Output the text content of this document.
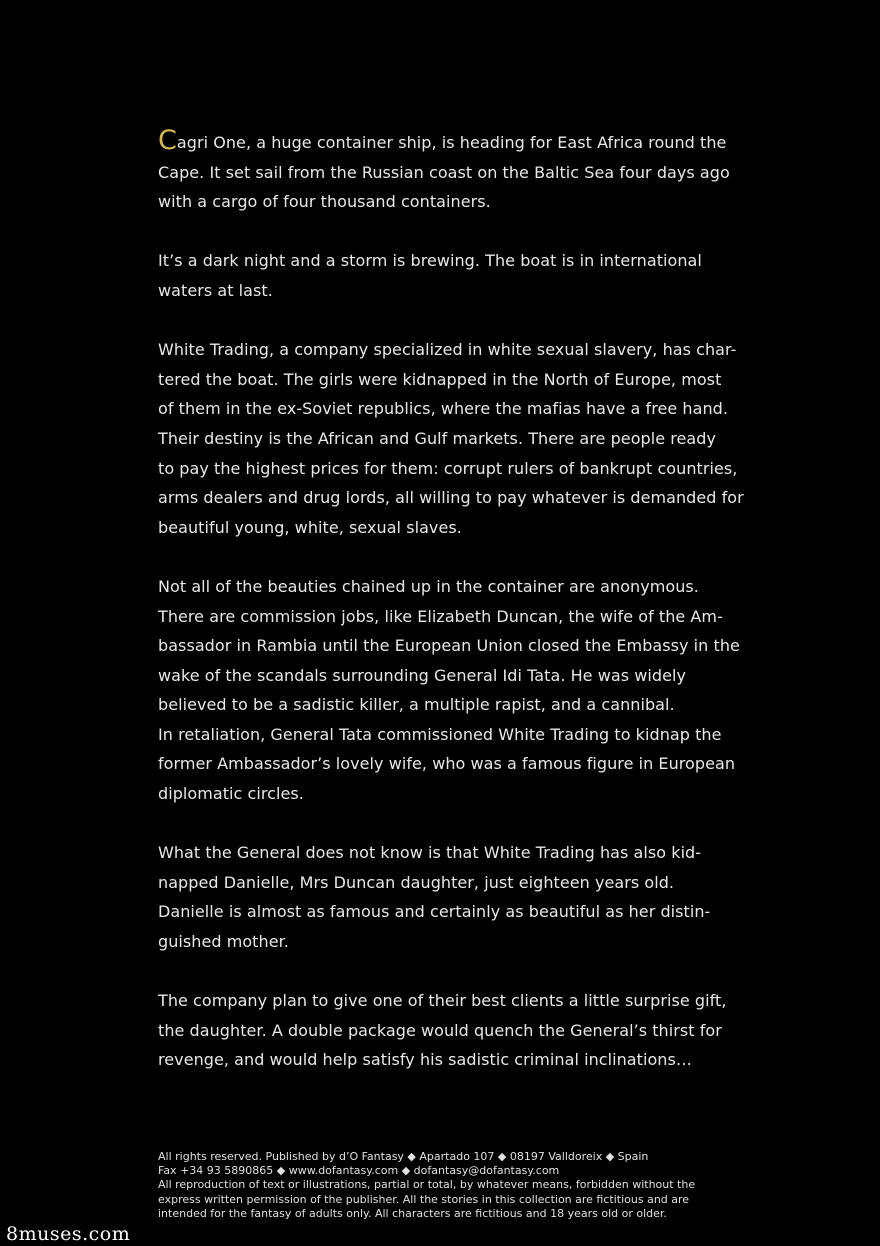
Cagri One, a huge container ship, is heading for East Africa round the
Cape. It set sail from the Russian coast on the Baltic Sea four days ago
with a cargo of four thousand containers.
It’s a dark night and a storm is brewing. The boat is in international
waters at last.
White Trading, a company specialized in white sexual slavery, has char-
tered the boat. The girls were kidnapped in the North of Europe, most
of them in the ex-Soviet republics, where the mafias have a free hand.
Their destiny is the African and Gulf markets. There are people ready
to pay the highest prices for them: corrupt rulers of bankrupt countries,
arms dealers and drug lords, all willing to pay whatever is demanded for
beautiful young, white, sexual slaves.
Not all of the beauties chained up in the container are anonymous.
There are commission jobs, like Elizabeth Duncan, the wife of the Am-
bassador in Rambia until the European Union closed the Embassy in the
wake of the scandals surrounding General Idi Tata. He was widely
believed to be a sadistic killer, a multiple rapist, and a cannibal.
In retaliation, General Tata commissioned White Trading to kidnap the
former Ambassador’s lovely wife, who was a famous figure in European
diplomatic circles.
What the General does not know is that White Trading has also kid-
napped Danielle, Mrs Duncan daughter, just eighteen years old.
Danielle is almost as famous and certainly as beautiful as her distin-
guished mother.
The company plan to give one of their best clients a little surprise gift,
the daughter. A double package would quench the General’s thirst for
revenge, and would help satisfy his sadistic criminal inclinations…
All rights reserved. Published by d’O Fantasy ◆ Apartado 107 ◆ 08197 Valldoreix ◆ Spain
Fax +34 93 5890865 ◆ www.dofantasy.com ◆ dofantasy@dofantasy.com
All reproduction of text or illustrations, partial or total, by whatever means, forbidden without the
express written permission of the publisher. All the stories in this collection are fictitious and are
intended for the fantasy of adults only. All characters are fictitious and 18 years old or older.
8muses.com
